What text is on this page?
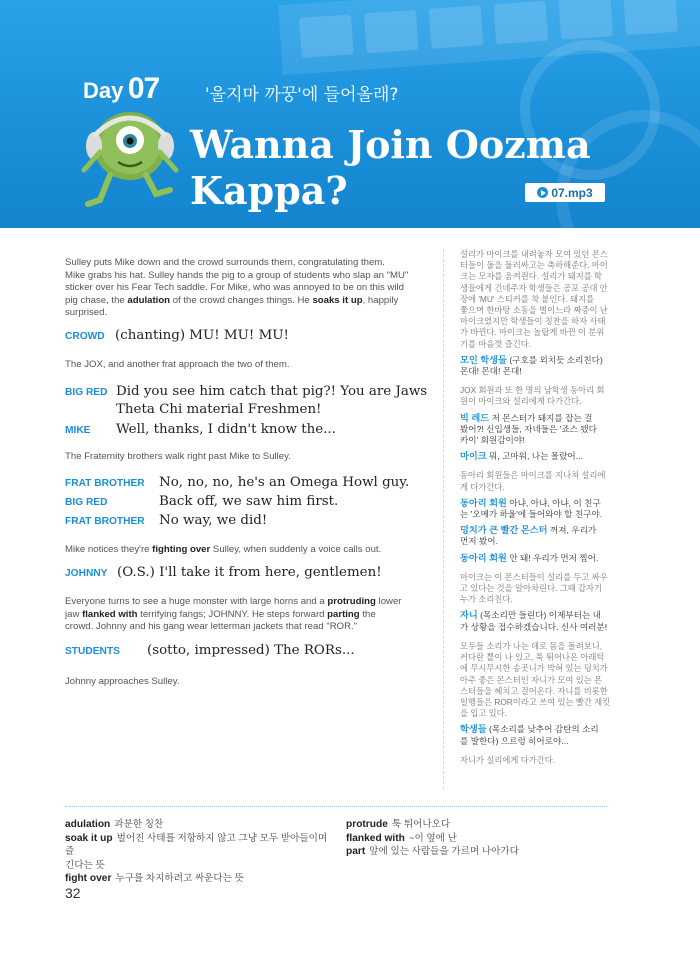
Day 07	'울지마 까꿍'에 들어올래?
Wanna Join Oozma
Kappa?	07.mp3

Sulley puts Mike down and the crowd surrounds them, congratulating them.
Mike grabs his hat. Sulley hands the pig to a group of students who slap an "MU"
sticker over his Fear Tech saddle. For Mike, who was annoyed to be on this wild
pig chase, the adulation of the crowd changes things. He soaks it up, happily
surprised.

CROWD (chanting) MU! MU! MU!

The JOX, and another frat approach the two of them.

BIG RED Did you see him catch that pig?! You are Jaws
Theta Chi material Freshmen!
MIKE	Well, thanks, I didn't know the...

The Fraternity brothers walk right past Mike to Sulley.

FRAT BROTHER	No, no, no, he's an Omega Howl guy.
BIG RED	Back off, we saw him first.
FRAT BROTHER	No way, we did!

Mike notices they're fighting over Sulley, when suddenly a voice calls out.

JOHNNY (O.S.) I'll take it from here, gentlemen!

Everyone turns to see a huge monster with large horns and a protruding lower
jaw flanked with terrifying fangs; JOHNNY. He steps forward parting the
crowd. Johnny and his gang wear letterman jackets that read "ROR."

STUDENTS	(sotto, impressed) The RORs...

Johnny approaches Sulley.

설리가 마이크를 내려놓자 모여 있던 몬스
터들이 둘을 둘러싸고는 축하해준다. 마이
크는 모자를 움켜쥔다. 설리가 돼지를 학
생들에게 건네주자 학생들은 공포 공대 안
장에 'MU' 스티커를 착 붙인다. 돼지를
쫓으며 한바탕 소동을 벌이느라 짜증이 난
마이크였지만 학생들이 칭찬을 하자 사태
가 바뀐다. 마이크는 놀랍게 바뀐 이 분위
기를 마음껏 즐긴다.

모인 학생들 (구호를 외치듯 소리친다)
몬대! 몬대! 몬대!

JOX 회원과 또 한 명의 남학생 동아리 회
원이 마이크와 설리에게 다가간다.

빅 레드 저 몬스터가 돼지를 잡는 걸
봤어?! 신입생들, 자네들은 '죠스 됐다
카이' 회원감이야!

마이크 뭐, 고마워, 나는 몰랐어...

동아리 회원들은 마이크를 지나쳐 설리에
게 다가간다.

동아리 회원 아냐, 아냐, 아냐, 이 친구
는 '오메가 하울'에 들어와야 할 친구야.

덩치가 큰 빨간 몬스터 꺼져, 우리가
먼저 봤어.

동아리 회원 안 돼! 우리가 먼저 찜어.

마이크는 이 몬스터들이 설리를 두고 싸우
고 있다는 것을 알아차린다. 그때 갑자기
누가 소리친다.

자니 (목소리만 들린다) 이제부터는 내
가 상황을 접수하겠습니다. 신사 여러분!

모두들 소리가 나는 데로 몸을 돌려보니,
커다란 뿔이 나 있고, 툭 튀어나온 아래턱
에 무시무시한 송곳니가 박혀 있는 덩치가
아주 좋은 몬스터인 자니가 모여 있는 몬
스터들을 헤치고 걸어온다. 자니를 비롯한
일행들은 ROR이라고 쓰여 있는 빨간 재킷
을 입고 있다.

학생들 (목소리를 낮추어 감탄의 소리
를 발한다) 으르렁 히어로야...

자니가 설리에게 다가간다.

adulation 과분한 칭찬
soak it up 벌어진 사태를 저항하지 않고 그냥 모두 받아들이며 즐
긴다는 뜻
fight over 누구를 차지하려고 싸운다는 뜻
protrude 툭 튀어나오다
flanked with ~이 옆에 난
part 앞에 있는 사람들을 가르며 나아가다
32
